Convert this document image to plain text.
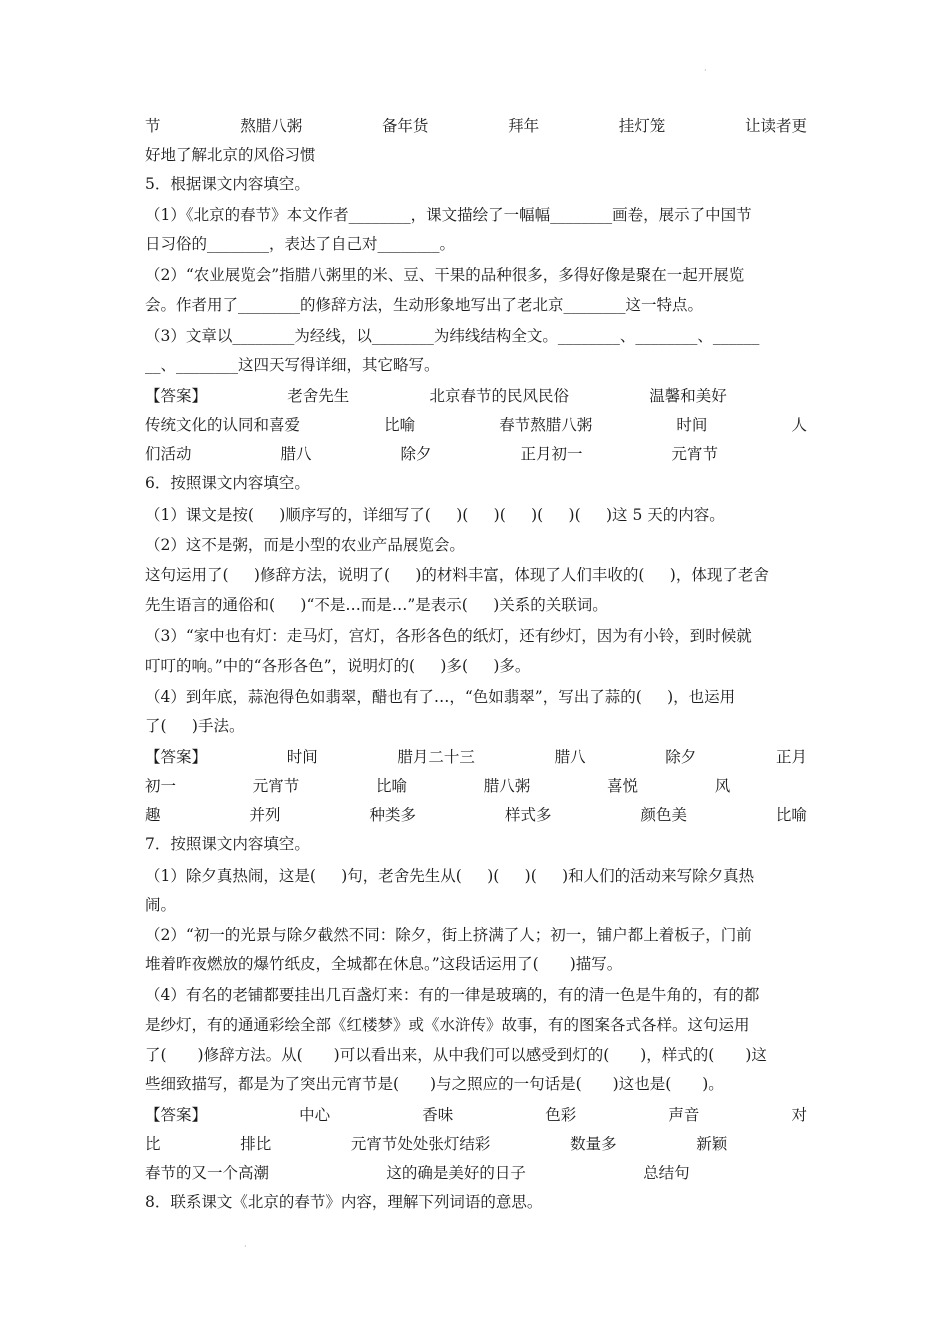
·
·
节	熬腊八粥	备年货	拜年	挂灯笼	让读者更
好地了解北京的风俗习惯
5．根据课文内容填空。
（1）《北京的春节》本文作者________，课文描绘了一幅幅________画卷，展示了中国节
日习俗的________，表达了自己对________。
（2）“农业展览会”指腊八粥里的米、豆、干果的品种很多，多得好像是聚在一起开展览
会。作者用了________的修辞方法，生动形象地写出了老北京________这一特点。
（3）文章以________为经线，以________为纬线结构全文。________、________、______
__、________这四天写得详细，其它略写。
【答案】	老舍先生	北京春节的民风民俗	温馨和美好
传统文化的认同和喜爱	比喻	春节熬腊八粥	时间	人
们活动	腊八	除夕	正月初一	元宵节
6．按照课文内容填空。
（1）课文是按(　  )顺序写的，详细写了(　  )(　  )(　  )(　  )(　  )这 5 天的内容。
（2）这不是粥，而是小型的农业产品展览会。
这句运用了(　  )修辞方法，说明了(　  )的材料丰富，体现了人们丰收的(　  )，体现了老舍
先生语言的通俗和(　  )“不是…而是…”是表示(　  )关系的关联词。
（3）“家中也有灯：走马灯，宫灯，各形各色的纸灯，还有纱灯，因为有小铃，到时候就
叮叮的响。”中的“各形各色”，说明灯的(　  )多(　  )多。
（4）到年底，蒜泡得色如翡翠，醋也有了…，“色如翡翠”，写出了蒜的(　  )，也运用
了(　  )手法。
【答案】	时间	腊月二十三	腊八	除夕	正月
初一	元宵节	比喻	腊八粥	喜悦	风
趣	并列	种类多	样式多	颜色美	比喻
7．按照课文内容填空。
（1）除夕真热闹，这是(　  )句，老舍先生从(　  )(　  )(　  )和人们的活动来写除夕真热
闹。
（2）“初一的光景与除夕截然不同：除夕，街上挤满了人；初一，铺户都上着板子，门前
堆着昨夜燃放的爆竹纸皮，全城都在休息。”这段话运用了(　　)描写。
（4）有名的老铺都要挂出几百盏灯来：有的一律是玻璃的，有的清一色是牛角的，有的都
是纱灯，有的通通彩绘全部《红楼梦》或《水浒传》故事，有的图案各式各样。这句运用
了(　　)修辞方法。从(　　)可以看出来，从中我们可以感受到灯的(　　)，样式的(　　)这
些细致描写，都是为了突出元宵节是(　　)与之照应的一句话是(　　)这也是(　　)。
【答案】	中心	香味	色彩	声音	对
比	排比	元宵节处处张灯结彩	数量多	新颖
春节的又一个高潮	这的确是美好的日子	总结句
8．联系课文《北京的春节》内容，理解下列词语的意思。
